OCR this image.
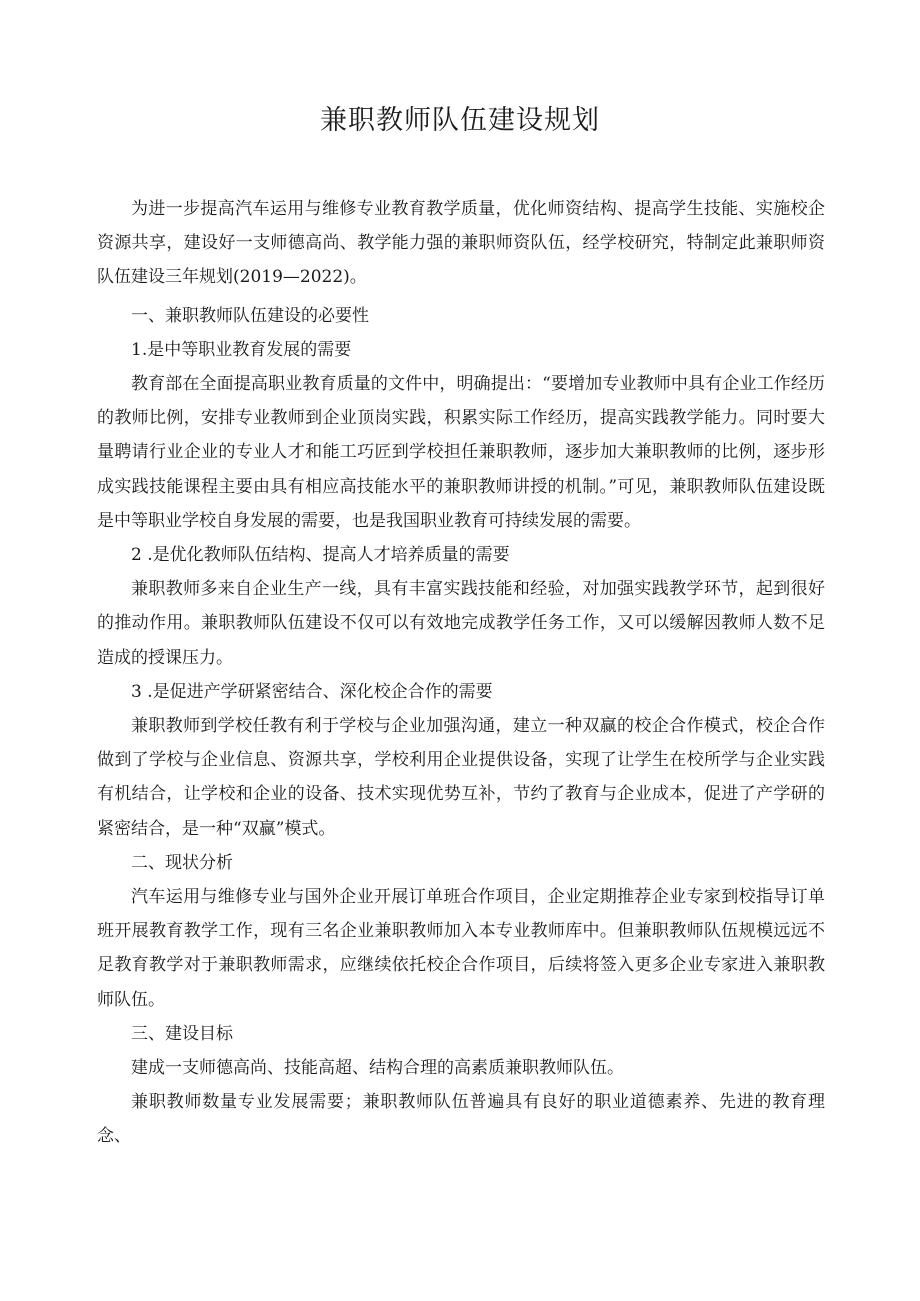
兼职教师队伍建设规划

为进一步提高汽车运用与维修专业教育教学质量，优化师资结构、提高学生技能、实施校企资源共享，建设好一支师德高尚、教学能力强的兼职师资队伍，经学校研究，特制定此兼职师资队伍建设三年规划(2019—2022)。

一、兼职教师队伍建设的必要性

1.是中等职业教育发展的需要

教育部在全面提高职业教育质量的文件中，明确提出：“要增加专业教师中具有企业工作经历的教师比例，安排专业教师到企业顶岗实践，积累实际工作经历，提高实践教学能力。同时要大量聘请行业企业的专业人才和能工巧匠到学校担任兼职教师，逐步加大兼职教师的比例，逐步形成实践技能课程主要由具有相应高技能水平的兼职教师讲授的机制。”可见，兼职教师队伍建设既是中等职业学校自身发展的需要，也是我国职业教育可持续发展的需要。

2 .是优化教师队伍结构、提高人才培养质量的需要

兼职教师多来自企业生产一线，具有丰富实践技能和经验，对加强实践教学环节，起到很好的推动作用。兼职教师队伍建设不仅可以有效地完成教学任务工作，又可以缓解因教师人数不足造成的授课压力。

3 .是促进产学研紧密结合、深化校企合作的需要

兼职教师到学校任教有利于学校与企业加强沟通，建立一种双赢的校企合作模式，校企合作做到了学校与企业信息、资源共享，学校利用企业提供设备，实现了让学生在校所学与企业实践有机结合，让学校和企业的设备、技术实现优势互补，节约了教育与企业成本，促进了产学研的紧密结合，是一种“双赢”模式。

二、现状分析

汽车运用与维修专业与国外企业开展订单班合作项目，企业定期推荐企业专家到校指导订单班开展教育教学工作，现有三名企业兼职教师加入本专业教师库中。但兼职教师队伍规模远远不足教育教学对于兼职教师需求，应继续依托校企合作项目，后续将签入更多企业专家进入兼职教师队伍。

三、建设目标

建成一支师德高尚、技能高超、结构合理的高素质兼职教师队伍。

兼职教师数量专业发展需要；兼职教师队伍普遍具有良好的职业道德素养、先进的教育理念、
